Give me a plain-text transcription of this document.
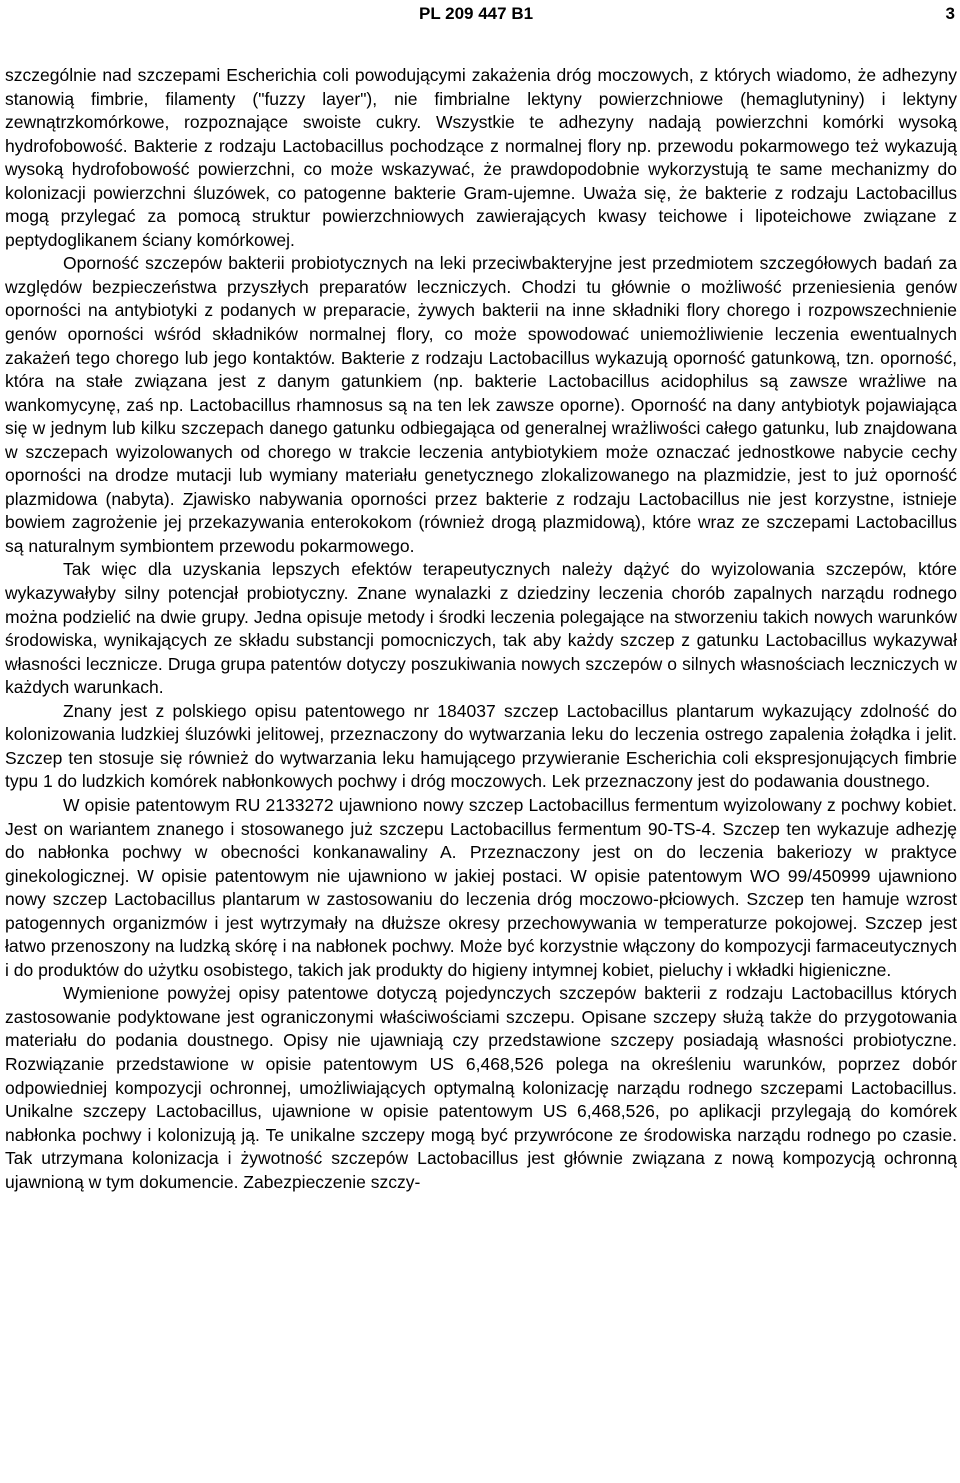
PL 209 447 B1	3

szczególnie nad szczepami Escherichia coli powodującymi zakażenia dróg moczowych, z których wiadomo, że adhezyny stanowią fimbrie, filamenty ("fuzzy layer"), nie fimbrialne lektyny powierzchniowe (hemaglutyniny) i lektyny zewnątrzkomórkowe, rozpoznające swoiste cukry. Wszystkie te adhezyny nadają powierzchni komórki wysoką hydrofobowość. Bakterie z rodzaju Lactobacillus pochodzące z normalnej flory np. przewodu pokarmowego też wykazują wysoką hydrofobowość powierzchni, co może wskazywać, że prawdopodobnie wykorzystują te same mechanizmy do kolonizacji powierzchni śluzówek, co patogenne bakterie Gram-ujemne. Uważa się, że bakterie z rodzaju Lactobacillus mogą przylegać za pomocą struktur powierzchniowych zawierających kwasy teichowe i lipoteichowe związane z peptydoglikanem ściany komórkowej.

Oporność szczepów bakterii probiotycznych na leki przeciwbakteryjne jest przedmiotem szczegółowych badań za względów bezpieczeństwa przyszłych preparatów leczniczych. Chodzi tu głównie o możliwość przeniesienia genów oporności na antybiotyki z podanych w preparacie, żywych bakterii na inne składniki flory chorego i rozpowszechnienie genów oporności wśród składników normalnej flory, co może spowodować uniemożliwienie leczenia ewentualnych zakażeń tego chorego lub jego kontaktów. Bakterie z rodzaju Lactobacillus wykazują oporność gatunkową, tzn. oporność, która na stałe związana jest z danym gatunkiem (np. bakterie Lactobacillus acidophilus są zawsze wrażliwe na wankomycynę, zaś np. Lactobacillus rhamnosus są na ten lek zawsze oporne). Oporność na dany antybiotyk pojawiająca się w jednym lub kilku szczepach danego gatunku odbiegająca od generalnej wrażliwości całego gatunku, lub znajdowana w szczepach wyizolowanych od chorego w trakcie leczenia antybiotykiem może oznaczać jednostkowe nabycie cechy oporności na drodze mutacji lub wymiany materiału genetycznego zlokalizowanego na plazmidzie, jest to już oporność plazmidowa (nabyta). Zjawisko nabywania oporności przez bakterie z rodzaju Lactobacillus nie jest korzystne, istnieje bowiem zagrożenie jej przekazywania enterokokom (również drogą plazmidową), które wraz ze szczepami Lactobacillus są naturalnym symbiontem przewodu pokarmowego.

Tak więc dla uzyskania lepszych efektów terapeutycznych należy dążyć do wyizolowania szczepów, które wykazywałyby silny potencjał probiotyczny. Znane wynalazki z dziedziny leczenia chorób zapalnych narządu rodnego można podzielić na dwie grupy. Jedna opisuje metody i środki leczenia polegające na stworzeniu takich nowych warunków środowiska, wynikających ze składu substancji pomocniczych, tak aby każdy szczep z gatunku Lactobacillus wykazywał własności lecznicze. Druga grupa patentów dotyczy poszukiwania nowych szczepów o silnych własnościach leczniczych w każdych warunkach.

Znany jest z polskiego opisu patentowego nr 184037 szczep Lactobacillus plantarum wykazujący zdolność do kolonizowania ludzkiej śluzówki jelitowej, przeznaczony do wytwarzania leku do leczenia ostrego zapalenia żołądka i jelit. Szczep ten stosuje się również do wytwarzania leku hamującego przywieranie Escherichia coli ekspresjonujących fimbrie typu 1 do ludzkich komórek nabłonkowych pochwy i dróg moczowych. Lek przeznaczony jest do podawania doustnego.

W opisie patentowym RU 2133272 ujawniono nowy szczep Lactobacillus fermentum wyizolowany z pochwy kobiet. Jest on wariantem znanego i stosowanego już szczepu Lactobacillus fermentum 90-TS-4. Szczep ten wykazuje adhezję do nabłonka pochwy w obecności konkanawaliny A. Przeznaczony jest on do leczenia bakeriozy w praktyce ginekologicznej. W opisie patentowym nie ujawniono w jakiej postaci. W opisie patentowym WO 99/450999 ujawniono nowy szczep Lactobacillus plantarum w zastosowaniu do leczenia dróg moczowo-płciowych. Szczep ten hamuje wzrost patogennych organizmów i jest wytrzymały na dłuższe okresy przechowywania w temperaturze pokojowej. Szczep jest łatwo przenoszony na ludzką skórę i na nabłonek pochwy. Może być korzystnie włączony do kompozycji farmaceutycznych i do produktów do użytku osobistego, takich jak produkty do higieny intymnej kobiet, pieluchy i wkładki higieniczne.

Wymienione powyżej opisy patentowe dotyczą pojedynczych szczepów bakterii z rodzaju Lactobacillus których zastosowanie podyktowane jest ograniczonymi właściwościami szczepu. Opisane szczepy służą także do przygotowania materiału do podania doustnego. Opisy nie ujawniają czy przedstawione szczepy posiadają własności probiotyczne. Rozwiązanie przedstawione w opisie patentowym US 6,468,526 polega na określeniu warunków, poprzez dobór odpowiedniej kompozycji ochronnej, umożliwiających optymalną kolonizację narządu rodnego szczepami Lactobacillus. Unikalne szczepy Lactobacillus, ujawnione w opisie patentowym US 6,468,526, po aplikacji przylegają do komórek nabłonka pochwy i kolonizują ją. Te unikalne szczepy mogą być przywrócone ze środowiska narządu rodnego po czasie. Tak utrzymana kolonizacja i żywotność szczepów Lactobacillus jest głównie związana z nową kompozycją ochronną ujawnioną w tym dokumencie. Zabezpieczenie szczy-
